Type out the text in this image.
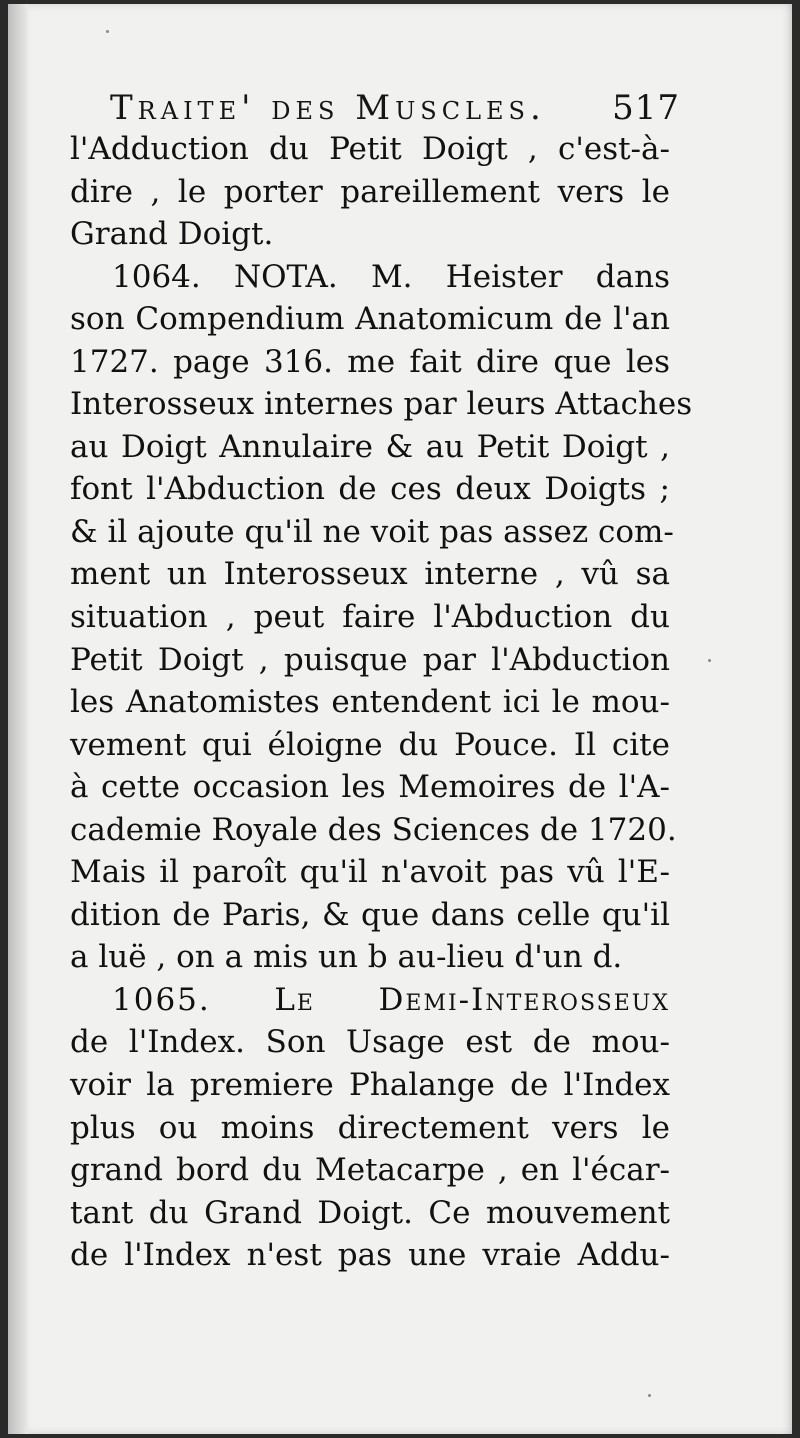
Traite' des Muscles. 517
l'Adduction du Petit Doigt , c'est-à-
dire , le porter pareillement vers le
Grand Doigt.
1064. NOTA. M. Heister dans
son Compendium Anatomicum de l'an
1727. page 316. me fait dire que les
Interosseux internes par leurs Attaches
au Doigt Annulaire & au Petit Doigt ,
font l'Abduction de ces deux Doigts ;
& il ajoute qu'il ne voit pas assez com-
ment un Interosseux interne , vû sa
situation , peut faire l'Abduction du
Petit Doigt , puisque par l'Abduction
les Anatomistes entendent ici le mou-
vement qui éloigne du Pouce. Il cite
à cette occasion les Memoires de l'A-
cademie Royale des Sciences de 1720.
Mais il paroît qu'il n'avoit pas vû l'E-
dition de Paris, & que dans celle qu'il
a luë , on a mis un b au-lieu d'un d.
1065. Le Demi-Interosseux
de l'Index. Son Usage est de mou-
voir la premiere Phalange de l'Index
plus ou moins directement vers le
grand bord du Metacarpe , en l'écar-
tant du Grand Doigt. Ce mouvement
de l'Index n'est pas une vraie Addu-
